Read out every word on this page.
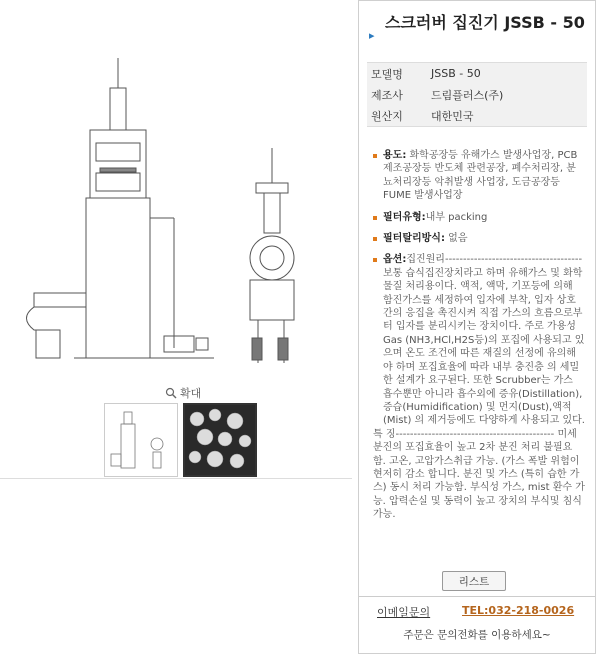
확대
▸
스크러버 집진기 JSSB - 50
모델명	JSSB - 50
제조사	드림플러스(주)
원산지	대한민국

용도: 화학공장등 유해가스 발생사업장, PCB 제조공장등 반도체 관련공장, 폐수처리장, 분뇨처리장등 악취발생 사업장, 도금공장등 FUME 발생사업장

필터유형:내부 packing

필터탈리방식: 없음

옵션:집진원리-------------------------------------- 보통 습식집진장치라고 하며 유해가스 및 화학물질 처리용이다. 액적, 액막, 기포등에 의해 함진가스를 세정하여 입자에 부착, 입자 상호간의 응집을 촉진시켜 직접 가스의 흐름으로부터 입자를 분리시키는 장치이다. 주로 가용성 Gas (NH3,HCl,H2S등)의 포집에 사용되고 있으며 온도 조건에 따른 재질의 선정에 유의해야 하며 포집효율에 따라 내부 충진층 의 세밀한 설계가 요구된다. 또한 Scrubber는 가스 흡수뿐만 아니라 흡수외에 증유(Distillation),증습(Humidification) 및 먼지(Dust),액적(Mist) 의 제거등에도 다양하게 사용되고 있다.

특 징-------------------------------------------- 미세분진의 포집효율이 높고 2차 분진 처리 불필요함. 고온, 고압가스취급 가능. (가스 폭발 위험이 현저히 감소 합니다. 분진 및 가스 (특히 습한 가스) 동시 처리 가능함. 부식성 가스, mist 환수 가능. 압력손실 및 동력이 높고 장치의 부식및 침식가능.

리스트
이메일문의	TEL:032-218-0026
주문은 문의전화를 이용하세요~
